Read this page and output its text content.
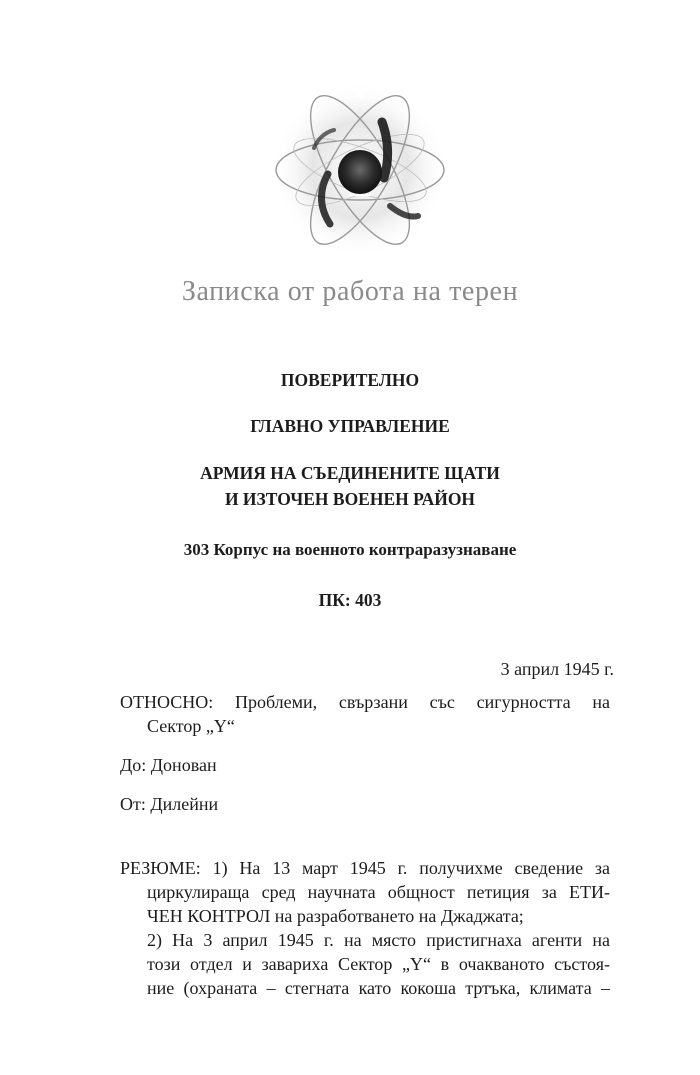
4
Записка от работа на терен
ПОВЕРИТЕЛНО
ГЛАВНО УПРАВЛЕНИЕ
АРМИЯ НА СЪЕДИНЕНИТЕ ЩАТИ
И ИЗТОЧЕН ВОЕНЕН РАЙОН
303 Корпус на военното контраразузнаване
ПК: 403
3 април 1945 г.
ОТНОСНО: Проблеми, свързани със сигурността на
Сектор „Y“
До: Донован
От: Дилейни
РЕЗЮМЕ: 1) На 13 март 1945 г. получихме сведение за
циркулираща сред научната общност петиция за ЕТИ-
ЧЕН КОНТРОЛ на разработването на Джаджата;
2) На 3 април 1945 г. на място пристигнаха агенти на
този отдел и завариха Сектор „Y“ в очакваното състоя-
ние (охраната – стегната като кокоша тртъка, климата –
